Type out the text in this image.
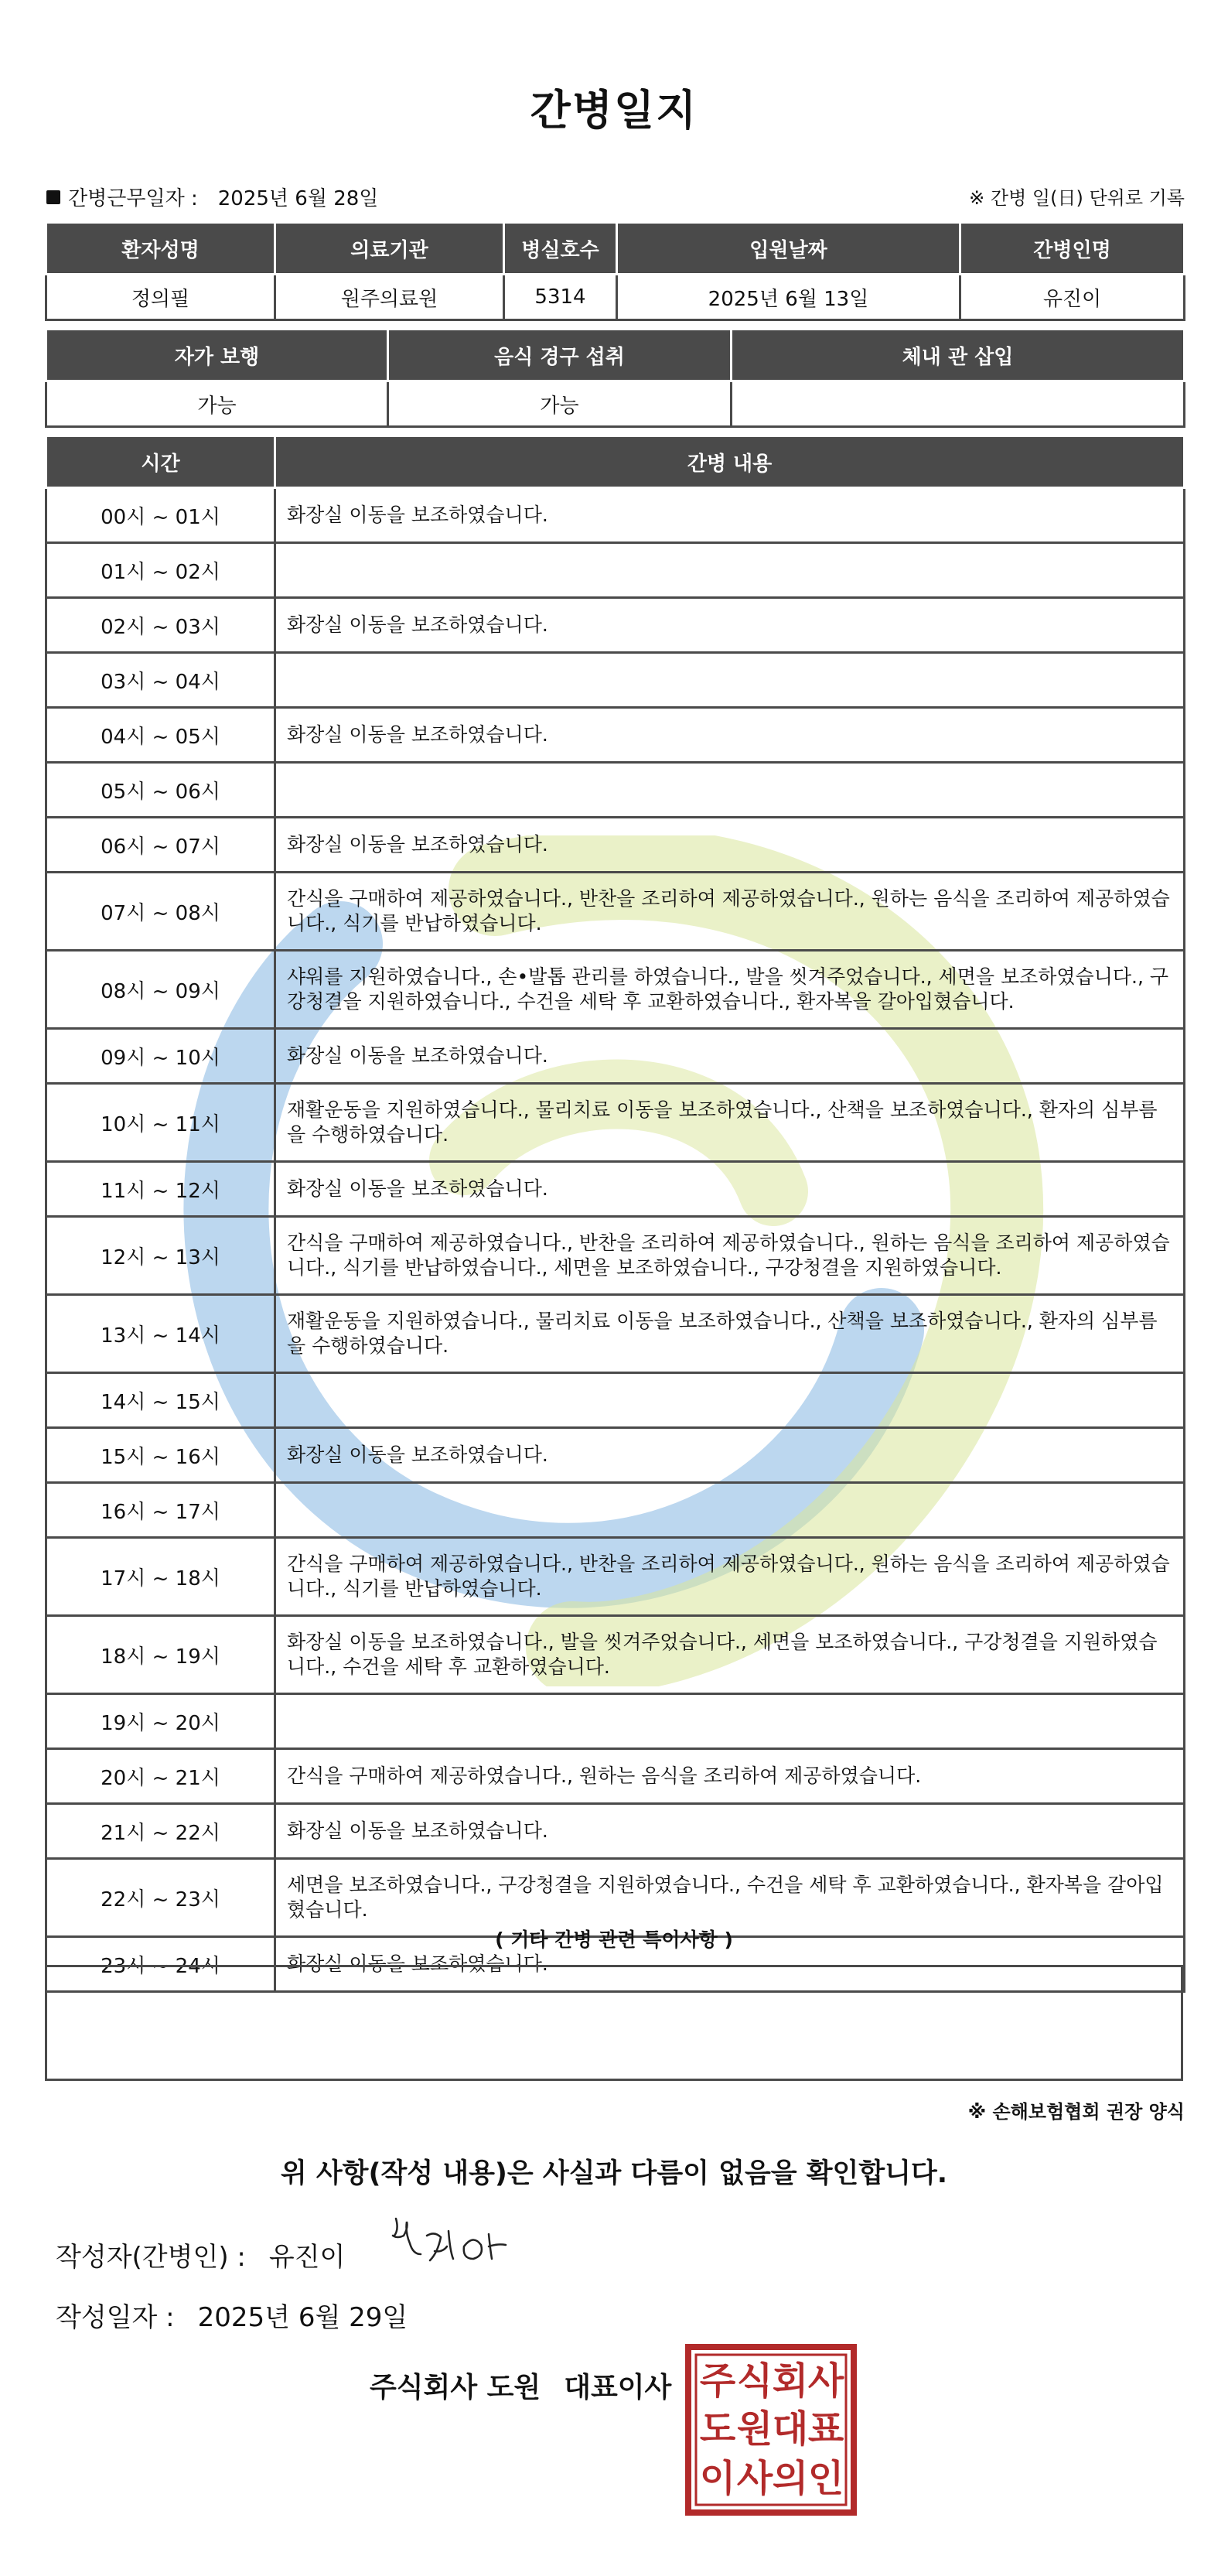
간병일지
간병근무일자 : 2025년 6월 28일	※ 간병 일(日) 단위로 기록
환자성명	의료기관	병실호수	입원날짜	간병인명
정의필	원주의료원	5314	2025년 6월 13일	유진이
자가 보행	음식 경구 섭취	체내 관 삽입
가능	가능	
시간	간병 내용
00시 ~ 01시	화장실 이동을 보조하였습니다.
01시 ~ 02시	
02시 ~ 03시	화장실 이동을 보조하였습니다.
03시 ~ 04시	
04시 ~ 05시	화장실 이동을 보조하였습니다.
05시 ~ 06시	
06시 ~ 07시	화장실 이동을 보조하였습니다.
07시 ~ 08시	간식을 구매하여 제공하였습니다., 반찬을 조리하여 제공하였습니다., 원하는 음식을 조리하여 제공하였습니다., 식기를 반납하였습니다.
08시 ~ 09시	샤워를 지원하였습니다., 손•발톱 관리를 하였습니다., 발을 씻겨주었습니다., 세면을 보조하였습니다., 구강청결을 지원하였습니다., 수건을 세탁 후 교환하였습니다., 환자복을 갈아입혔습니다.
09시 ~ 10시	화장실 이동을 보조하였습니다.
10시 ~ 11시	재활운동을 지원하였습니다., 물리치료 이동을 보조하였습니다., 산책을 보조하였습니다., 환자의 심부름을 수행하였습니다.
11시 ~ 12시	화장실 이동을 보조하였습니다.
12시 ~ 13시	간식을 구매하여 제공하였습니다., 반찬을 조리하여 제공하였습니다., 원하는 음식을 조리하여 제공하였습니다., 식기를 반납하였습니다., 세면을 보조하였습니다., 구강청결을 지원하였습니다.
13시 ~ 14시	재활운동을 지원하였습니다., 물리치료 이동을 보조하였습니다., 산책을 보조하였습니다., 환자의 심부름을 수행하였습니다.
14시 ~ 15시	
15시 ~ 16시	화장실 이동을 보조하였습니다.
16시 ~ 17시	
17시 ~ 18시	간식을 구매하여 제공하였습니다., 반찬을 조리하여 제공하였습니다., 원하는 음식을 조리하여 제공하였습니다., 식기를 반납하였습니다.
18시 ~ 19시	화장실 이동을 보조하였습니다., 발을 씻겨주었습니다., 세면을 보조하였습니다., 구강청결을 지원하였습니다., 수건을 세탁 후 교환하였습니다.
19시 ~ 20시	
20시 ~ 21시	간식을 구매하여 제공하였습니다., 원하는 음식을 조리하여 제공하였습니다.
21시 ~ 22시	화장실 이동을 보조하였습니다.
22시 ~ 23시	세면을 보조하였습니다., 구강청결을 지원하였습니다., 수건을 세탁 후 교환하였습니다., 환자복을 갈아입혔습니다.
23시 ~ 24시	화장실 이동을 보조하였습니다.
( 기타 간병 관련 특이사항 )
※ 손해보험협회 권장 양식
위 사항(작성 내용)은 사실과 다름이 없음을 확인합니다.
작성자(간병인) : 유진이
작성일자 : 2025년 6월 29일
주식회사 도원 대표이사 주 식 회 사
도 원 대 표
이 사 의 인
